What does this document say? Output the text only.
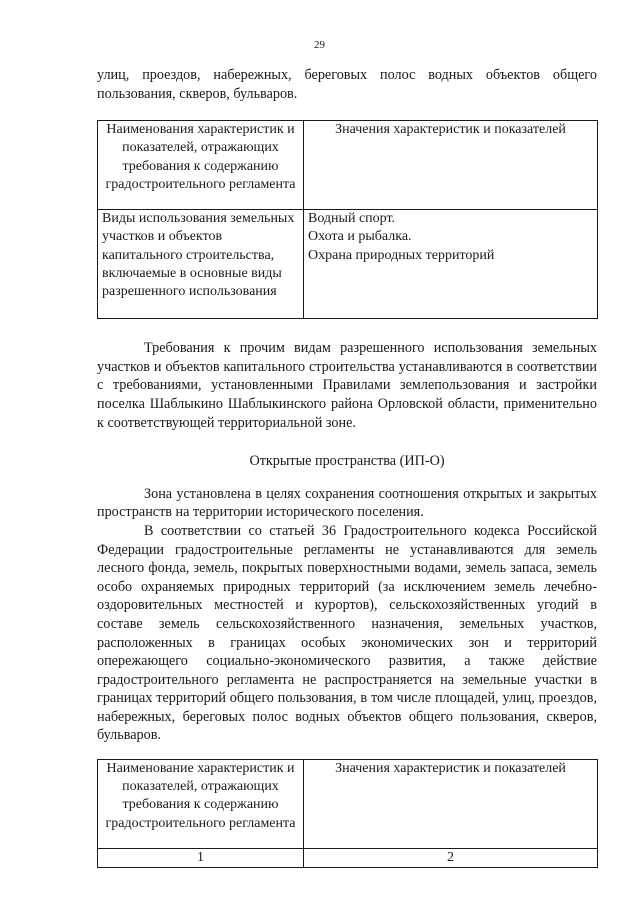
29

улиц, проездов, набережных, береговых полос водных объектов общего пользования, скверов, бульваров.

Наименования характеристик и показателей, отражающих требования к содержанию градостроительного регламента	Значения характеристик и показателей
Виды использования земельных участков и объектов капитального строительства, включаемые в основные виды разрешенного использования	Водный спорт.
Охота и рыбалка.
Охрана природных территорий

Требования к прочим видам разрешенного использования земельных участков и объектов капитального строительства устанавливаются в соответствии с требованиями, установленными Правилами землепользования и застройки поселка Шаблыкино Шаблыкинского района Орловской области, применительно к соответствующей территориальной зоне.

Открытые пространства (ИП-О)

Зона установлена в целях сохранения соотношения открытых и закрытых пространств на территории исторического поселения.

В соответствии со статьей 36 Градостроительного кодекса Российской Федерации градостроительные регламенты не устанавливаются для земель лесного фонда, земель, покрытых поверхностными водами, земель запаса, земель особо охраняемых природных территорий (за исключением земель лечебно-оздоровительных местностей и курортов), сельскохозяйственных угодий в составе земель сельскохозяйственного назначения, земельных участков, расположенных в границах особых экономических зон и территорий опережающего социально-экономического развития, а также действие градостроительного регламента не распространяется на земельные участки в границах территорий общего пользования, в том числе площадей, улиц, проездов, набережных, береговых полос водных объектов общего пользования, скверов, бульваров.

Наименование характеристик и показателей, отражающих требования к содержанию градостроительного регламента	Значения характеристик и показателей
1	2
